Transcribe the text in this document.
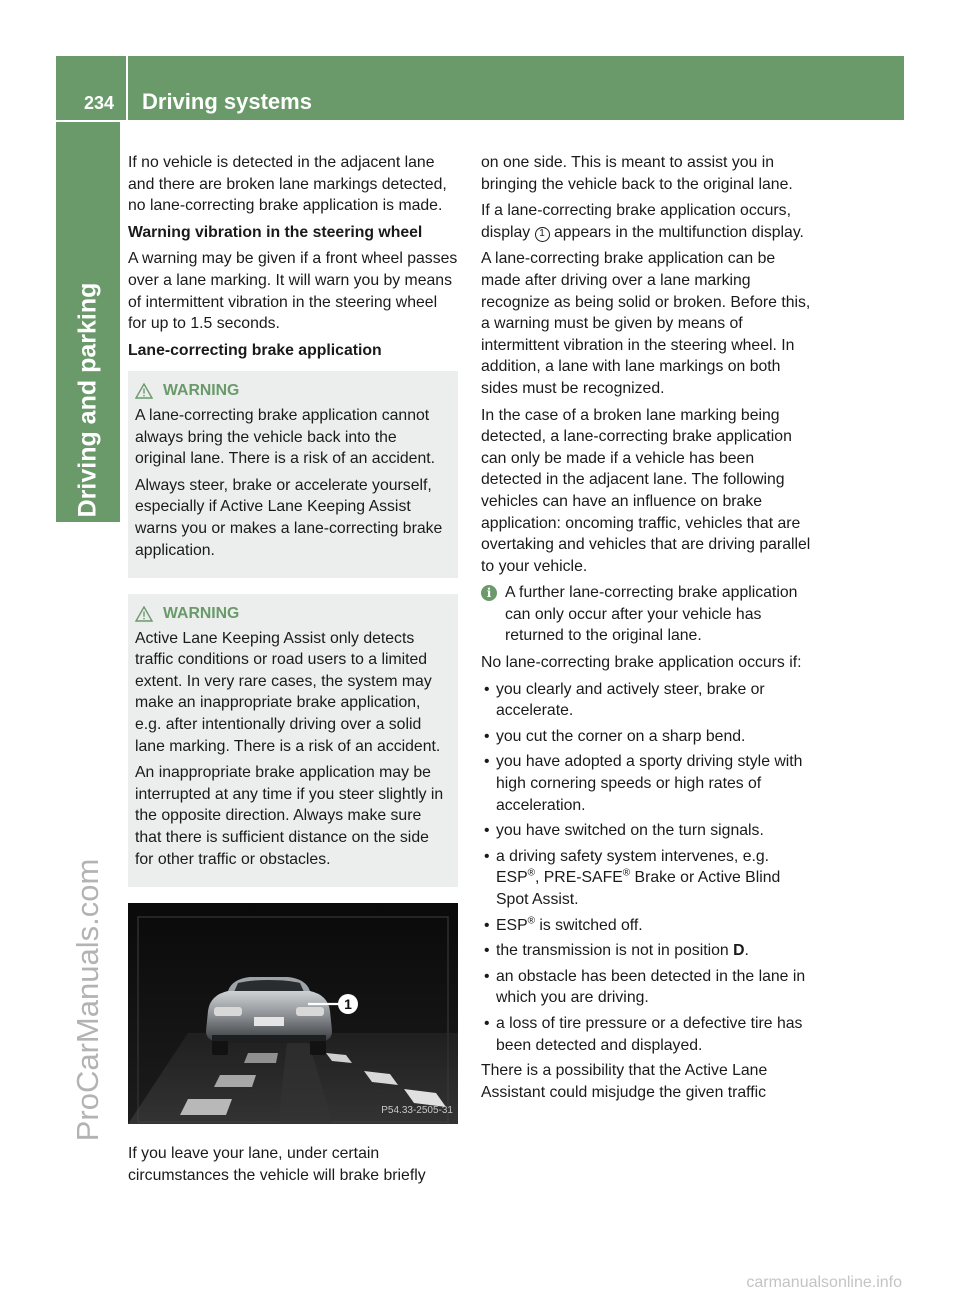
234 Driving systems
Driving and parking
ProCarManuals.com

If no vehicle is detected in the adjacent lane and there are broken lane markings detected, no lane-correcting brake application is made.

Warning vibration in the steering wheel

A warning may be given if a front wheel passes over a lane marking. It will warn you by means of intermittent vibration in the steering wheel for up to 1.5 seconds.

Lane-correcting brake application

WARNING

A lane-correcting brake application cannot always bring the vehicle back into the original lane. There is a risk of an accident.

Always steer, brake or accelerate yourself, especially if Active Lane Keeping Assist warns you or makes a lane-correcting brake application.

WARNING

Active Lane Keeping Assist only detects traffic conditions or road users to a limited extent. In very rare cases, the system may make an inappropriate brake application, e.g. after intentionally driving over a solid lane marking. There is a risk of an accident.

An inappropriate brake application may be interrupted at any time if you steer slightly in the opposite direction. Always make sure that there is sufficient distance on the side for other traffic or obstacles.

1
P54.33-2505-31

If you leave your lane, under certain circumstances the vehicle will brake briefly

on one side. This is meant to assist you in bringing the vehicle back to the original lane.

If a lane-correcting brake application occurs, display 1 appears in the multifunction display.

A lane-correcting brake application can be made after driving over a lane marking recognize as being solid or broken. Before this, a warning must be given by means of intermittent vibration in the steering wheel. In addition, a lane with lane markings on both sides must be recognized.

In the case of a broken lane marking being detected, a lane-correcting brake application can only be made if a vehicle has been detected in the adjacent lane. The following vehicles can have an influence on brake application: oncoming traffic, vehicles that are overtaking and vehicles that are driving parallel to your vehicle.

i A further lane-correcting brake application can only occur after your vehicle has returned to the original lane.

No lane-correcting brake application occurs if:

• you clearly and actively steer, brake or accelerate.
• you cut the corner on a sharp bend.
• you have adopted a sporty driving style with high cornering speeds or high rates of acceleration.
• you have switched on the turn signals.
• a driving safety system intervenes, e.g. ESP®, PRE-SAFE® Brake or Active Blind Spot Assist.
• ESP® is switched off.
• the transmission is not in position D.
• an obstacle has been detected in the lane in which you are driving.
• a loss of tire pressure or a defective tire has been detected and displayed.

There is a possibility that the Active Lane Assistant could misjudge the given traffic

carmanualsonline.info
